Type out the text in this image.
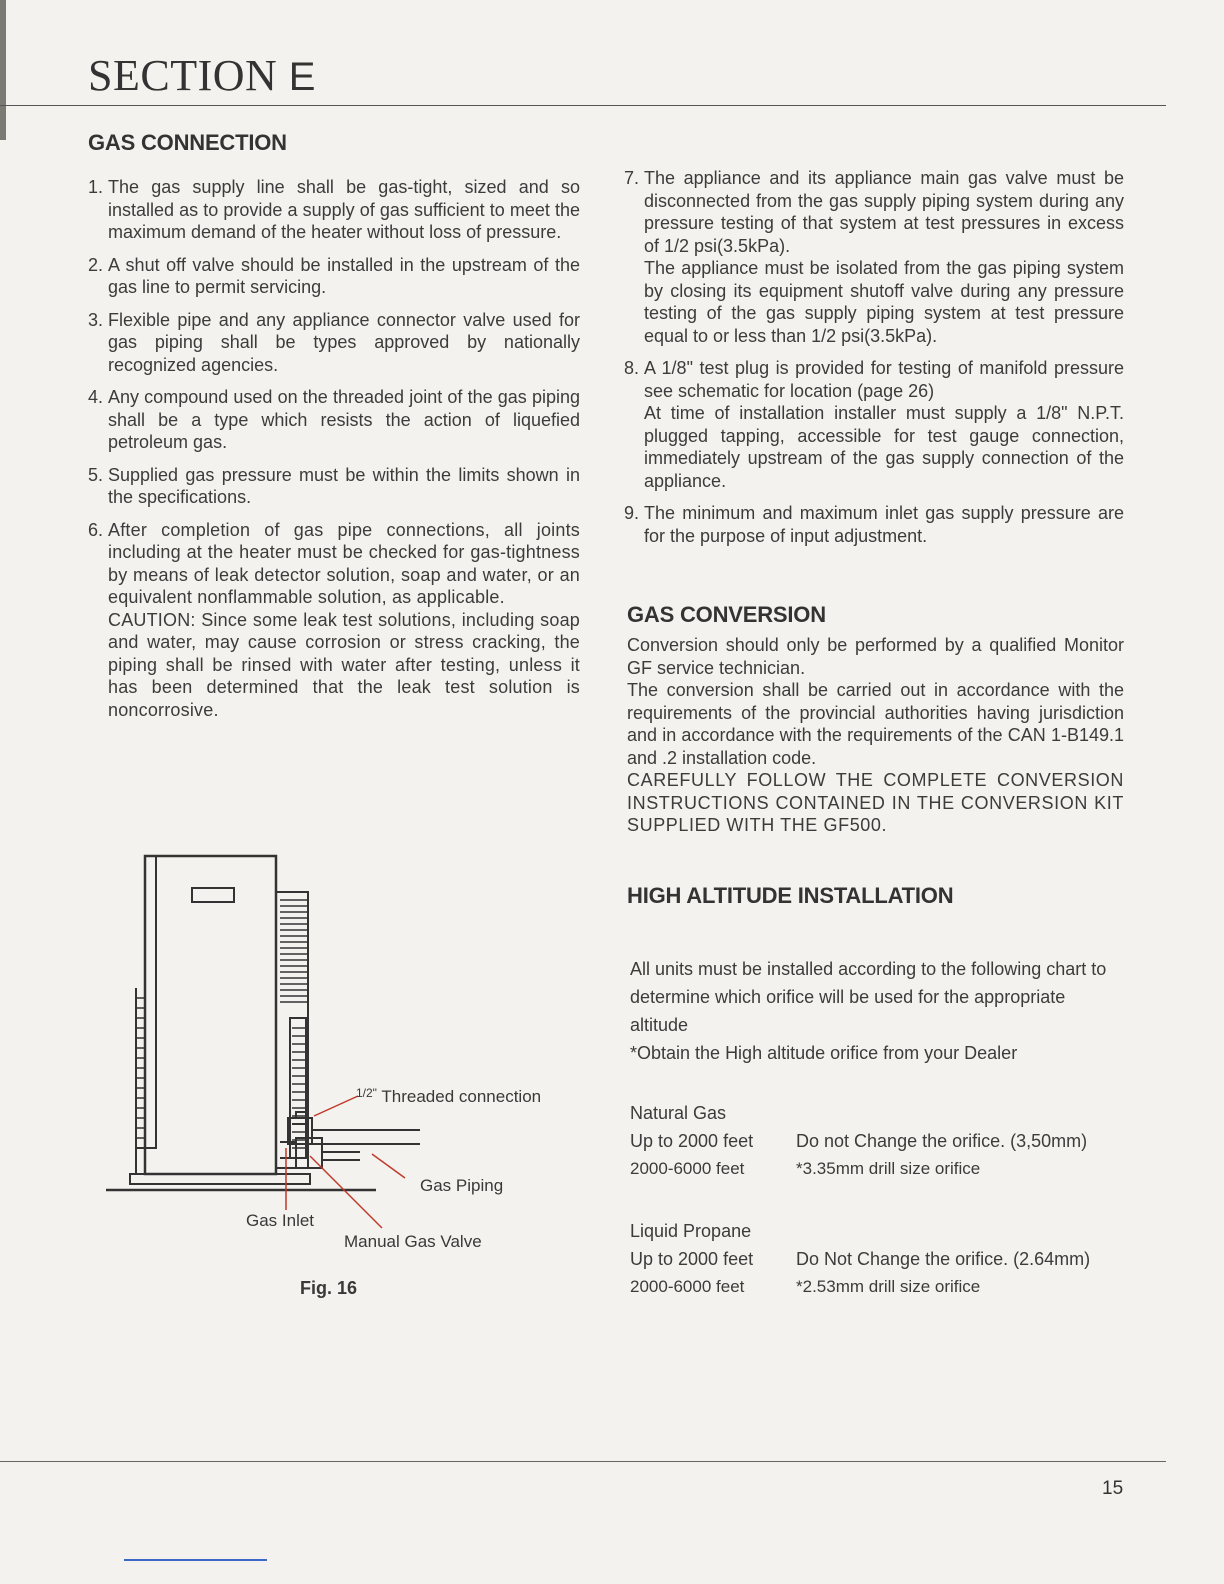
SECTION E
GAS CONNECTION
1. The gas supply line shall be gas-tight, sized and so installed as to provide a supply of gas sufficient to meet the maximum demand of the heater without loss of pressure.
2. A shut off valve should be installed in the upstream of the gas line to permit servicing.
3. Flexible pipe and any appliance connector valve used for gas piping shall be types approved by nationally recognized agencies.
4. Any compound used on the threaded joint of the gas piping shall be a type which resists the action of liquefied petroleum gas.
5. Supplied gas pressure must be within the limits shown in the specifications.
6. After completion of gas pipe connections, all joints including at the heater must be checked for gas-tightness by means of leak detector solution, soap and water, or an equivalent nonflammable solution, as applicable.

CAUTION: Since some leak test solutions, including soap and water, may cause corrosion or stress cracking, the piping shall be rinsed with water after testing, unless it has been determined that the leak test solution is noncorrosive.

7. The appliance and its appliance main gas valve must be disconnected from the gas supply piping system during any pressure testing of that system at test pressures in excess of 1/2 psi(3.5kPa).

The appliance must be isolated from the gas piping system by closing its equipment shutoff valve during any pressure testing of the gas supply piping system at test pressure equal to or less than 1/2 psi(3.5kPa).

8. A 1/8" test plug is provided for testing of manifold pressure see schematic for location (page 26)

At time of installation installer must supply a 1/8" N.P.T. plugged tapping, accessible for test gauge connection, immediately upstream of the gas supply connection of the appliance.

9. The minimum and maximum inlet gas supply pressure are for the purpose of input adjustment.
GAS CONVERSION

Conversion should only be performed by a qualified Monitor GF service technician.

The conversion shall be carried out in accordance with the requirements of the provincial authorities having jurisdiction and in accordance with the requirements of the CAN 1-B149.1 and .2 installation code.

CAREFULLY FOLLOW THE COMPLETE CONVERSION INSTRUCTIONS CONTAINED IN THE CONVERSION KIT SUPPLIED WITH THE GF500.

HIGH ALTITUDE INSTALLATION

All units must be installed according to the following chart to determine which orifice will be used for the appropriate altitude

*Obtain the High altitude orifice from your Dealer

Natural Gas
Up to 2000 feet	Do not Change the orifice. (3,50mm)
2000-6000 feet	*3.35mm drill size orifice
Liquid Propane
Up to 2000 feet	Do Not Change the orifice. (2.64mm)
2000-6000 feet	*2.53mm drill size orifice
$^{1/2"}$ Threaded connection
Gas Piping
Gas Inlet
Manual Gas Valve
Fig. 16
15
